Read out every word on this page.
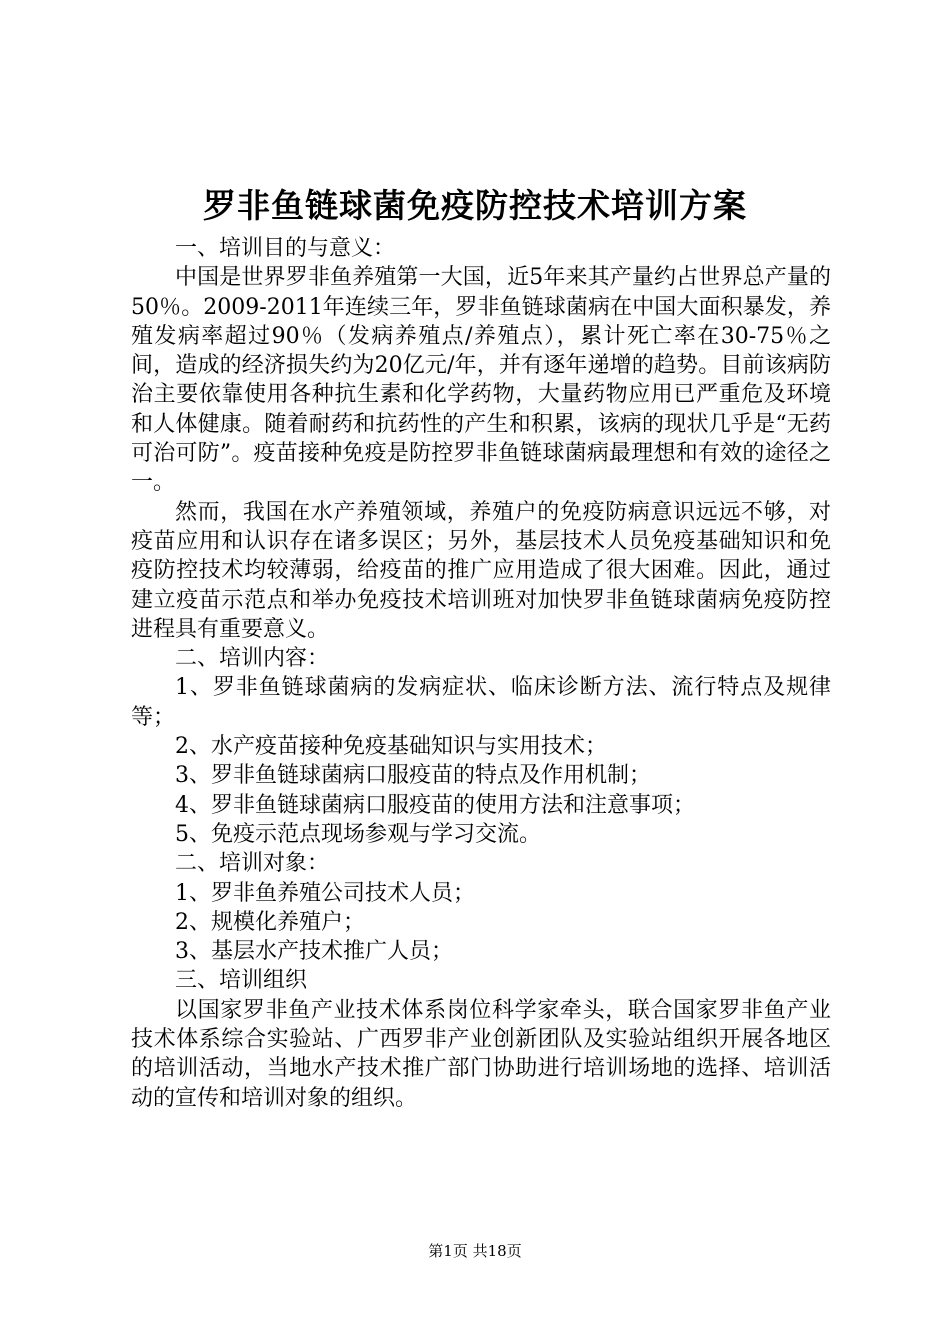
罗非鱼链球菌免疫防控技术培训方案

一、培训目的与意义：

中国是世界罗非鱼养殖第一大国，近5年来其产量约占世界总产量的50％。2009-2011年连续三年，罗非鱼链球菌病在中国大面积暴发，养殖发病率超过90％（发病养殖点/养殖点），累计死亡率在30-75％之间，造成的经济损失约为20亿元/年，并有逐年递增的趋势。目前该病防治主要依靠使用各种抗生素和化学药物，大量药物应用已严重危及环境和人体健康。随着耐药和抗药性的产生和积累，该病的现状几乎是“无药可治可防”。疫苗接种免疫是防控罗非鱼链球菌病最理想和有效的途径之一。

然而，我国在水产养殖领域，养殖户的免疫防病意识远远不够，对疫苗应用和认识存在诸多误区；另外，基层技术人员免疫基础知识和免疫防控技术均较薄弱，给疫苗的推广应用造成了很大困难。因此，通过建立疫苗示范点和举办免疫技术培训班对加快罗非鱼链球菌病免疫防控进程具有重要意义。

二、培训内容：

1、罗非鱼链球菌病的发病症状、临床诊断方法、流行特点及规律等；

2、水产疫苗接种免疫基础知识与实用技术；

3、罗非鱼链球菌病口服疫苗的特点及作用机制；

4、罗非鱼链球菌病口服疫苗的使用方法和注意事项；

5、免疫示范点现场参观与学习交流。

二、培训对象：

1、罗非鱼养殖公司技术人员；

2、规模化养殖户；

3、基层水产技术推广人员；

三、培训组织

以国家罗非鱼产业技术体系岗位科学家牵头，联合国家罗非鱼产业技术体系综合实验站、广西罗非产业创新团队及实验站组织开展各地区的培训活动，当地水产技术推广部门协助进行培训场地的选择、培训活动的宣传和培训对象的组织。

第1页 共18页
